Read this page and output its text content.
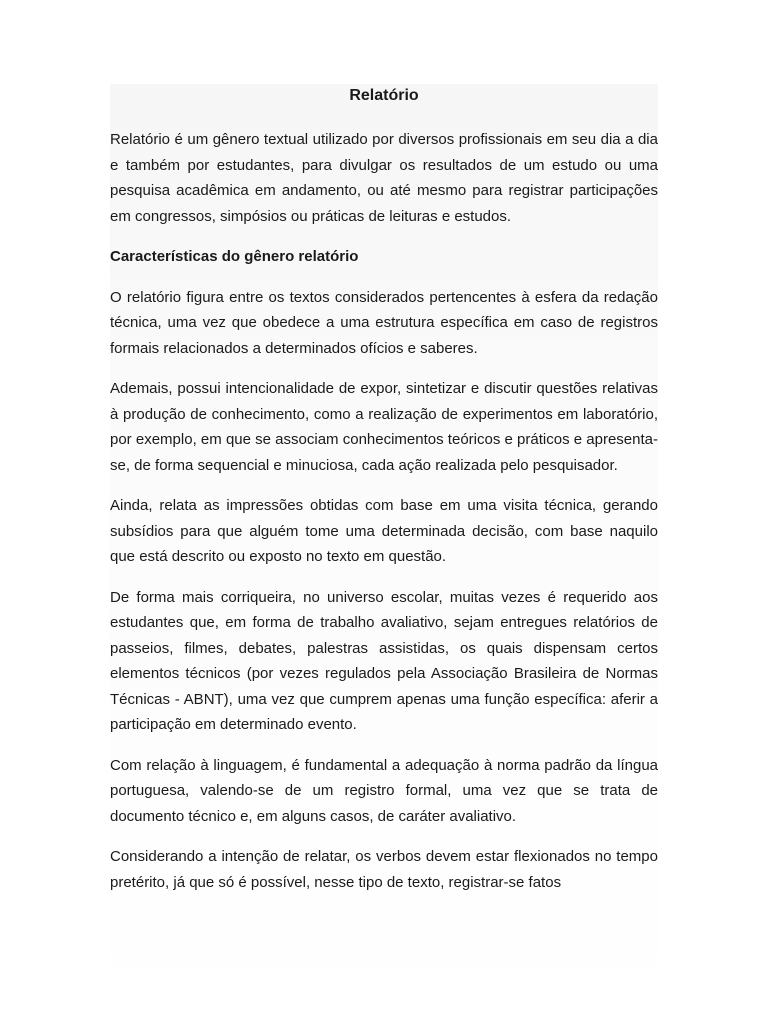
Relatório

Relatório é um gênero textual utilizado por diversos profissionais em seu dia a dia e também por estudantes, para divulgar os resultados de um estudo ou uma pesquisa acadêmica em andamento, ou até mesmo para registrar participações em congressos, simpósios ou práticas de leituras e estudos.

Características do gênero relatório

O relatório figura entre os textos considerados pertencentes à esfera da redação técnica, uma vez que obedece a uma estrutura específica em caso de registros formais relacionados a determinados ofícios e saberes.

Ademais, possui intencionalidade de expor, sintetizar e discutir questões relativas à produção de conhecimento, como a realização de experimentos em laboratório, por exemplo, em que se associam conhecimentos teóricos e práticos e apresenta-se, de forma sequencial e minuciosa, cada ação realizada pelo pesquisador.

Ainda, relata as impressões obtidas com base em uma visita técnica, gerando subsídios para que alguém tome uma determinada decisão, com base naquilo que está descrito ou exposto no texto em questão.

De forma mais corriqueira, no universo escolar, muitas vezes é requerido aos estudantes que, em forma de trabalho avaliativo, sejam entregues relatórios de passeios, filmes, debates, palestras assistidas, os quais dispensam certos elementos técnicos (por vezes regulados pela Associação Brasileira de Normas Técnicas - ABNT), uma vez que cumprem apenas uma função específica: aferir a participação em determinado evento.

Com relação à linguagem, é fundamental a adequação à norma padrão da língua portuguesa, valendo-se de um registro formal, uma vez que se trata de documento técnico e, em alguns casos, de caráter avaliativo.

Considerando a intenção de relatar, os verbos devem estar flexionados no tempo pretérito, já que só é possível, nesse tipo de texto, registrar-se fatos
